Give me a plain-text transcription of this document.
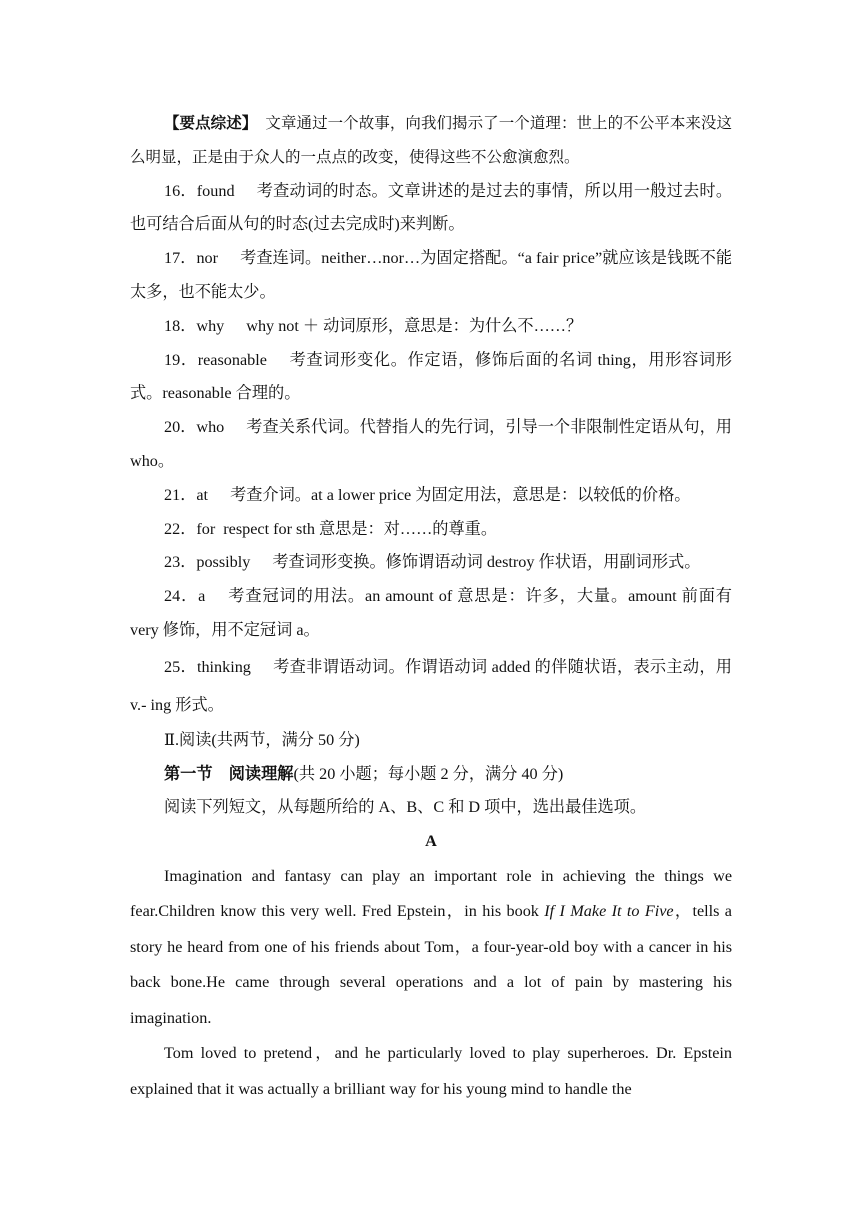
【要点综述】 文章通过一个故事，向我们揭示了一个道理：世上的不公平本来没这么明显，正是由于众人的一点点的改变，使得这些不公愈演愈烈。

16．found 考查动词的时态。文章讲述的是过去的事情，所以用一般过去时。也可结合后面从句的时态(过去完成时)来判断。

17．nor 考查连词。neither…nor…为固定搭配。“a fair price”就应该是钱既不能太多，也不能太少。

18．why why not ＋ 动词原形，意思是：为什么不……？

19．reasonable 考查词形变化。作定语，修饰后面的名词 thing，用形容词形式。reasonable 合理的。

20．who 考查关系代词。代替指人的先行词，引导一个非限制性定语从句，用 who。

21．at 考查介词。at a lower price 为固定用法，意思是：以较低的价格。

22．for respect for sth 意思是：对……的尊重。

23．possibly 考查词形变换。修饰谓语动词 destroy 作状语，用副词形式。

24．a 考查冠词的用法。an amount of 意思是：许多，大量。amount 前面有 very 修饰，用不定冠词 a。

25．thinking 考查非谓语动词。作谓语动词 added 的伴随状语，表示主动，用 v.- ing 形式。

Ⅱ.阅读(共两节，满分 50 分)

第一节　阅读理解(共 20 小题；每小题 2 分，满分 40 分)

阅读下列短文，从每题所给的 A、B、C 和 D 项中，选出最佳选项。

A

Imagination and fantasy can play an important role in achieving the things we fear.Children know this very well. Fred Epstein，in his book If I Make It to Five，tells a story he heard from one of his friends about Tom，a four-year-old boy with a cancer in his back bone.He came through several operations and a lot of pain by mastering his imagination.

Tom loved to pretend，and he particularly loved to play superheroes. Dr. Epstein explained that it was actually a brilliant way for his young mind to handle the
